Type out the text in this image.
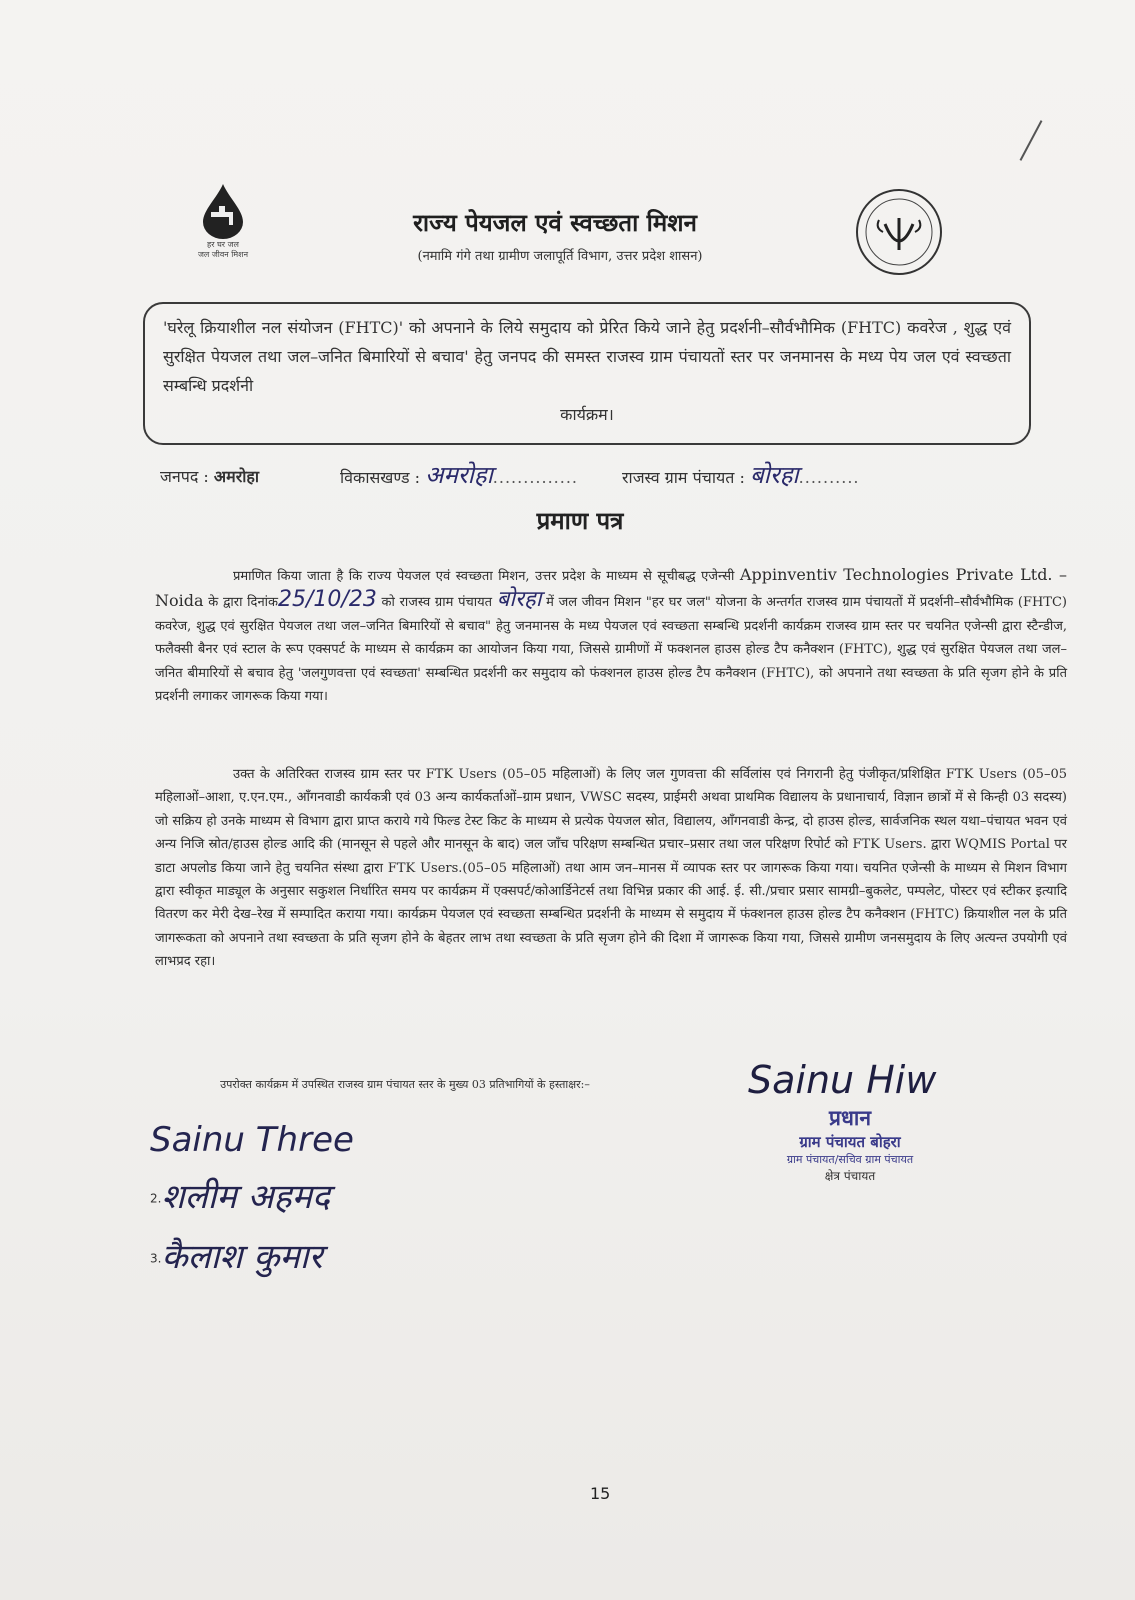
हर घर जल
जल जीवन मिशन
राज्य पेयजल एवं स्वच्छता मिशन
(नमामि गंगे तथा ग्रामीण जलापूर्ति विभाग, उत्तर प्रदेश शासन)
'घरेलू क्रियाशील नल संयोजन (FHTC)' को अपनाने के लिये समुदाय को प्रेरित किये जाने हेतु प्रदर्शनी–सौर्वभौमिक (FHTC) कवरेज , शुद्ध एवं सुरक्षित पेयजल तथा जल–जनित बिमारियों से बचाव' हेतु जनपद की समस्त राजस्व ग्राम पंचायतों स्तर पर जनमानस के मध्य पेय जल एवं स्वच्छता सम्बन्धि प्रदर्शनी
कार्यक्रम।
जनपद : अमरोहा	विकासखण्ड : अमरोहा..............	राजस्व ग्राम पंचायत : बोरहा..........
प्रमाण पत्र
प्रमाणित किया जाता है कि राज्य पेयजल एवं स्वच्छता मिशन, उत्तर प्रदेश के माध्यम से सूचीबद्ध एजेन्सी Appinventiv Technologies Private Ltd. – Noida के द्वारा दिनांक25/10/23 को राजस्व ग्राम पंचायत बोरहा में जल जीवन मिशन "हर घर जल" योजना के अन्तर्गत राजस्व ग्राम पंचायतों में प्रदर्शनी–सौर्वभौमिक (FHTC) कवरेज, शुद्ध एवं सुरक्षित पेयजल तथा जल–जनित बिमारियों से बचाव" हेतु जनमानस के मध्य पेयजल एवं स्वच्छता सम्बन्धि प्रदर्शनी कार्यक्रम राजस्व ग्राम स्तर पर चयनित एजेन्सी द्वारा स्टैन्डीज, फलैक्सी बैनर एवं स्टाल के रूप एक्सपर्ट के माध्यम से कार्यक्रम का आयोजन किया गया, जिससे ग्रामीणों में फक्शनल हाउस होल्ड टैप कनैक्शन (FHTC), शुद्ध एवं सुरक्षित पेयजल तथा जल–जनित बीमारियों से बचाव हेतु 'जलगुणवत्ता एवं स्वच्छता' सम्बन्धित प्रदर्शनी कर समुदाय को फंक्शनल हाउस होल्ड टैप कनैक्शन (FHTC), को अपनाने तथा स्वच्छता के प्रति सृजग होने के प्रति प्रदर्शनी लगाकर जागरूक किया गया।
उक्त के अतिरिक्त राजस्व ग्राम स्तर पर FTK Users (05–05 महिलाओं) के लिए जल गुणवत्ता की सर्विलांस एवं निगरानी हेतु पंजीकृत/प्रशिक्षित FTK Users (05–05 महिलाओं–आशा, ए.एन.एम., आँगनवाडी कार्यकत्री एवं 03 अन्य कार्यकर्ताओं–ग्राम प्रधान, VWSC सदस्य, प्राईमरी अथवा प्राथमिक विद्यालय के प्रधानाचार्य, विज्ञान छात्रों में से किन्ही 03 सदस्य) जो सक्रिय हो उनके माध्यम से विभाग द्वारा प्राप्त कराये गये फिल्ड टेस्ट किट के माध्यम से प्रत्येक पेयजल स्रोत, विद्यालय, आँगनवाडी केन्द्र, दो हाउस होल्ड, सार्वजनिक स्थल यथा–पंचायत भवन एवं अन्य निजि स्रोत/हाउस होल्ड आदि की (मानसून से पहले और मानसून के बाद) जल जाँच परिक्षण सम्बन्धित प्रचार–प्रसार तथा जल परिक्षण रिपोर्ट को FTK Users. द्वारा WQMIS Portal पर डाटा अपलोड किया जाने हेतु चयनित संस्था द्वारा FTK Users.(05–05 महिलाओं) तथा आम जन–मानस में व्यापक स्तर पर जागरूक किया गया। चयनित एजेन्सी के माध्यम से मिशन विभाग द्वारा स्वीकृत माड्यूल के अनुसार सकुशल निर्धारित समय पर कार्यक्रम में एक्सपर्ट/कोआर्डिनेटर्स तथा विभिन्न प्रकार की आई. ई. सी./प्रचार प्रसार सामग्री–बुकलेट, पम्पलेट, पोस्टर एवं स्टीकर इत्यादि वितरण कर मेरी देख–रेख में सम्पादित कराया गया। कार्यक्रम पेयजल एवं स्वच्छता सम्बन्धित प्रदर्शनी के माध्यम से समुदाय में फंक्शनल हाउस होल्ड टैप कनैक्शन (FHTC) क्रियाशील नल के प्रति जागरूकता को अपनाने तथा स्वच्छता के प्रति सृजग होने के बेहतर लाभ तथा स्वच्छता के प्रति सृजग होने की दिशा में जागरूक किया गया, जिससे ग्रामीण जनसमुदाय के लिए अत्यन्त उपयोगी एवं लाभप्रद रहा।
उपरोक्त कार्यक्रम में उपस्थित राजस्व ग्राम पंचायत स्तर के मुख्य 03 प्रतिभागियों के हस्ताक्षर:–
Sainu Three
2.शलीम अहमद
3.कैलाश कुमार
Sainu Hiw
प्रधान
ग्राम पंचायत बोहरा
ग्राम पंचायत/सचिव ग्राम पंचायत
क्षेत्र पंचायत
15
